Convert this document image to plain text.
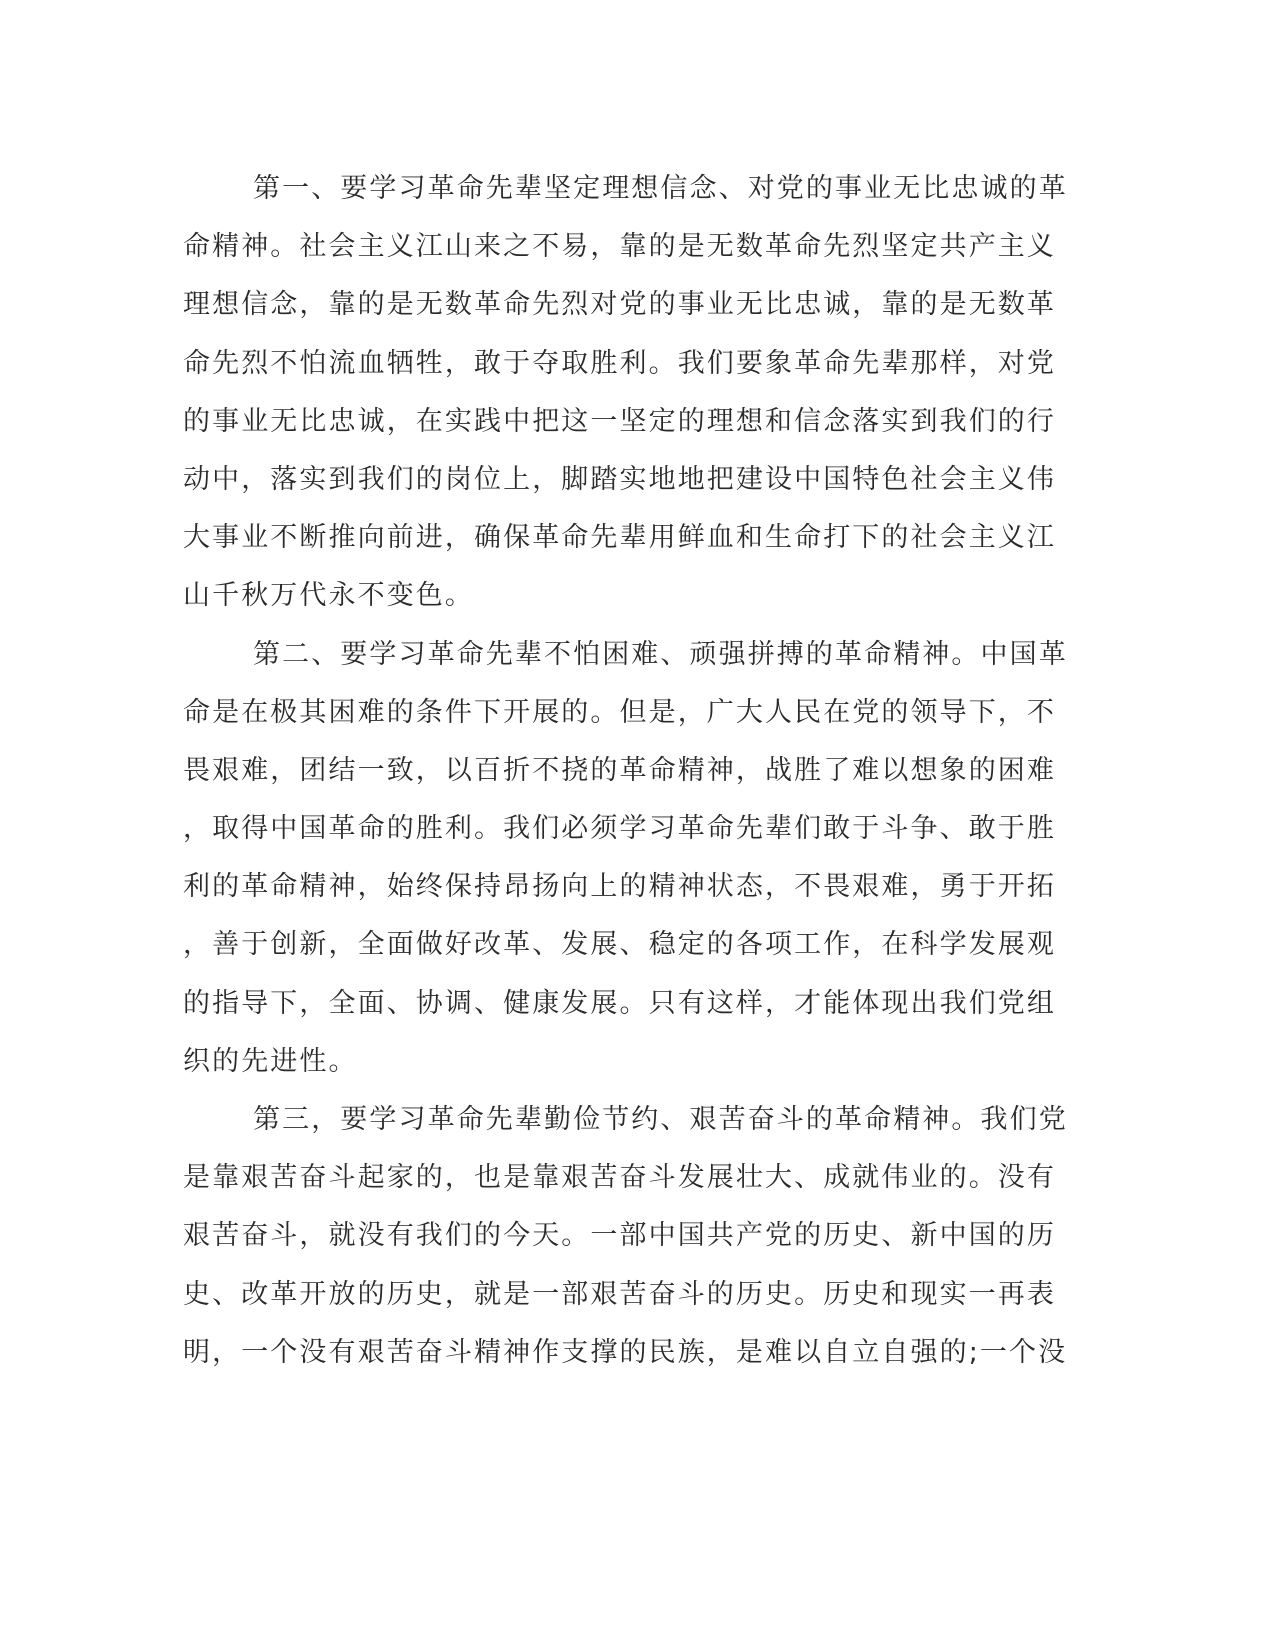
第一、要学习革命先辈坚定理想信念、对党的事业无比忠诚的革
命精神。社会主义江山来之不易，靠的是无数革命先烈坚定共产主义
理想信念，靠的是无数革命先烈对党的事业无比忠诚，靠的是无数革
命先烈不怕流血牺牲，敢于夺取胜利。我们要象革命先辈那样，对党
的事业无比忠诚，在实践中把这一坚定的理想和信念落实到我们的行
动中，落实到我们的岗位上，脚踏实地地把建设中国特色社会主义伟
大事业不断推向前进，确保革命先辈用鲜血和生命打下的社会主义江
山千秋万代永不变色。
第二、要学习革命先辈不怕困难、顽强拼搏的革命精神。中国革
命是在极其困难的条件下开展的。但是，广大人民在党的领导下，不
畏艰难，团结一致，以百折不挠的革命精神，战胜了难以想象的困难
，取得中国革命的胜利。我们必须学习革命先辈们敢于斗争、敢于胜
利的革命精神，始终保持昂扬向上的精神状态，不畏艰难，勇于开拓
，善于创新，全面做好改革、发展、稳定的各项工作，在科学发展观
的指导下，全面、协调、健康发展。只有这样，才能体现出我们党组
织的先进性。
第三，要学习革命先辈勤俭节约、艰苦奋斗的革命精神。我们党
是靠艰苦奋斗起家的，也是靠艰苦奋斗发展壮大、成就伟业的。没有
艰苦奋斗，就没有我们的今天。一部中国共产党的历史、新中国的历
史、改革开放的历史，就是一部艰苦奋斗的历史。历史和现实一再表
明，一个没有艰苦奋斗精神作支撑的民族，是难以自立自强的;一个没
